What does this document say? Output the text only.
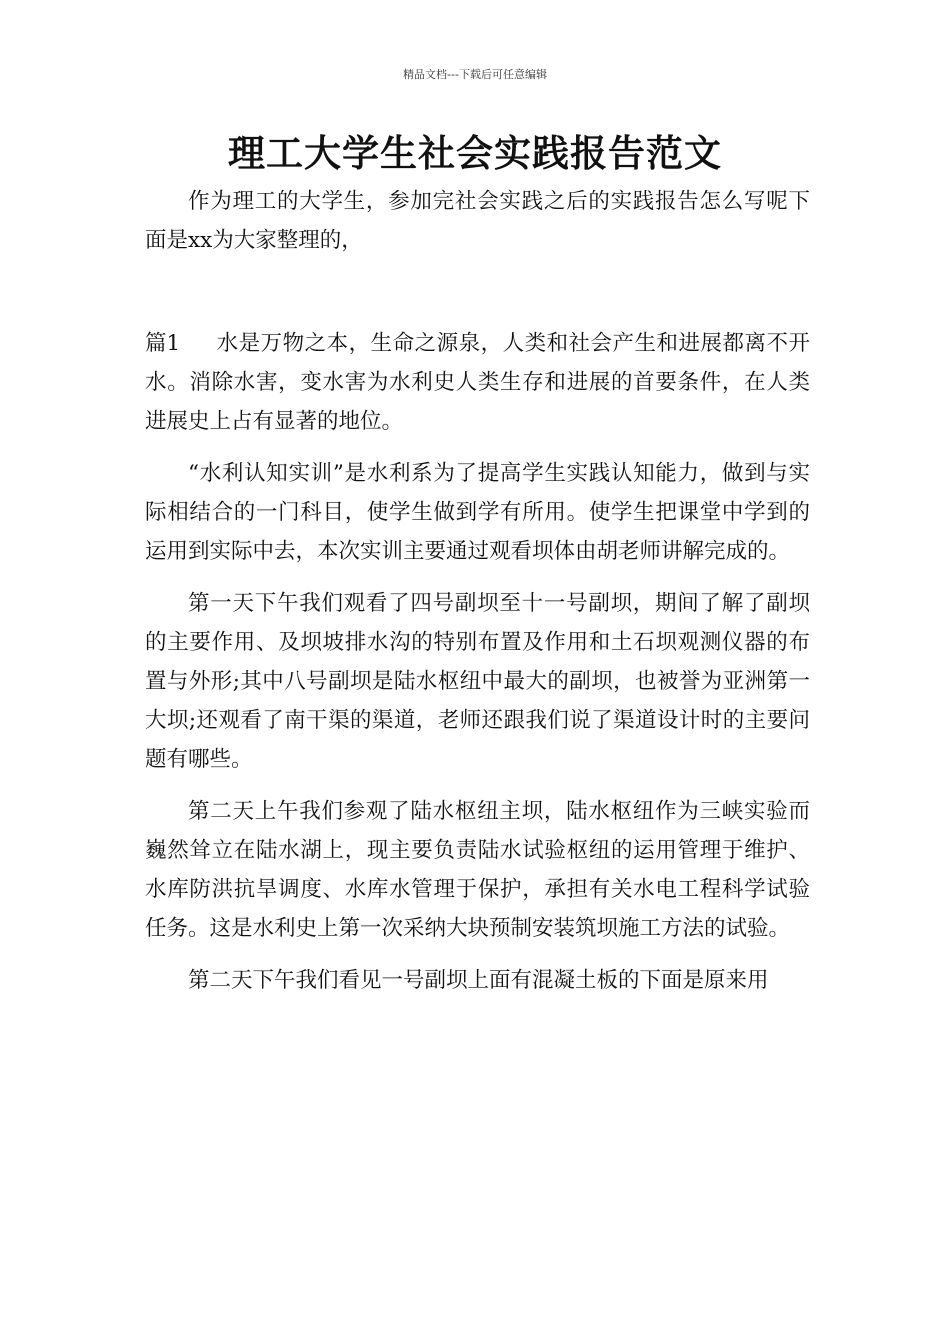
精品文档---下载后可任意编辑
理工大学生社会实践报告范文

作为理工的大学生，参加完社会实践之后的实践报告怎么写呢下面是xx为大家整理的，

篇1 水是万物之本，生命之源泉，人类和社会产生和进展都离不开水。消除水害，变水害为水利史人类生存和进展的首要条件，在人类进展史上占有显著的地位。

“水利认知实训”是水利系为了提高学生实践认知能力，做到与实际相结合的一门科目，使学生做到学有所用。使学生把课堂中学到的运用到实际中去，本次实训主要通过观看坝体由胡老师讲解完成的。

第一天下午我们观看了四号副坝至十一号副坝，期间了解了副坝的主要作用、及坝坡排水沟的特别布置及作用和土石坝观测仪器的布置与外形;其中八号副坝是陆水枢纽中最大的副坝，也被誉为亚洲第一大坝;还观看了南干渠的渠道，老师还跟我们说了渠道设计时的主要问题有哪些。

第二天上午我们参观了陆水枢纽主坝，陆水枢纽作为三峡实验而巍然耸立在陆水湖上，现主要负责陆水试验枢纽的运用管理于维护、水库防洪抗旱调度、水库水管理于保护，承担有关水电工程科学试验任务。这是水利史上第一次采纳大块预制安装筑坝施工方法的试验。

第二天下午我们看见一号副坝上面有混凝土板的下面是原来用
